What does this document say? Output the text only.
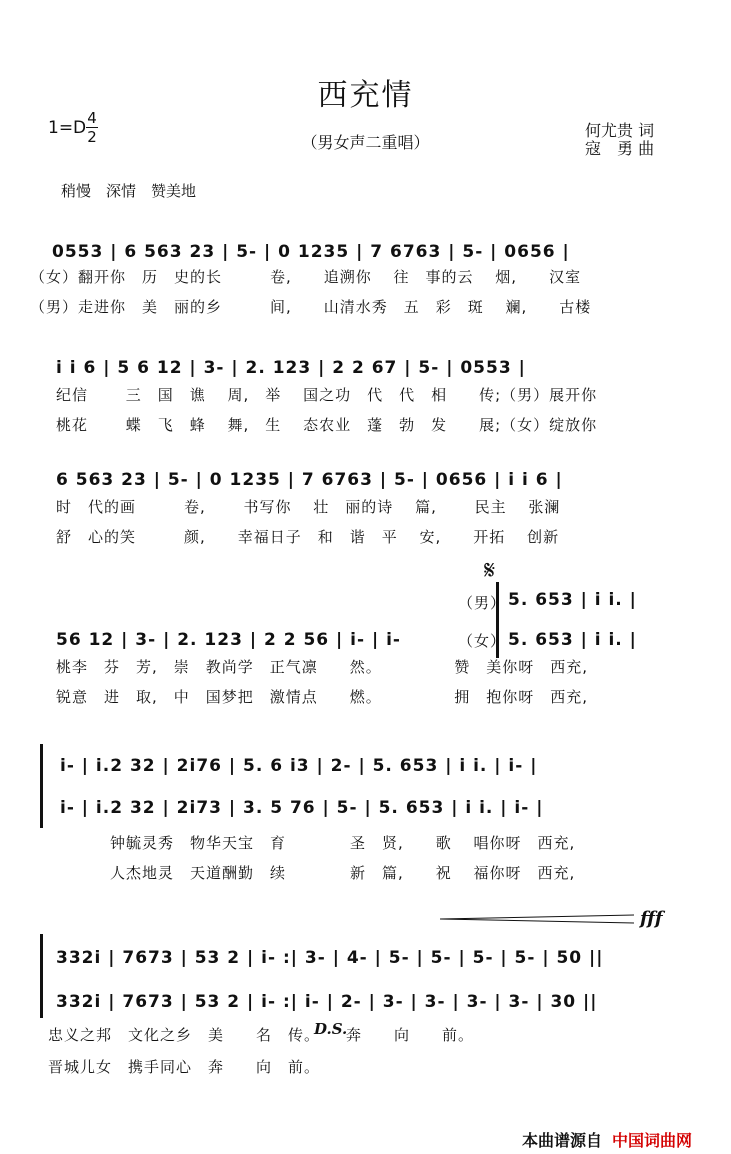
西充情
1=D 4
2	（男女声二重唱）
何尤贵 词
寇　勇 曲
稍慢　深情　赞美地
0553 | 6 563 23 | 5- | 0 1235 | 7 6763 | 5- | 0656 |
（女）翻开你　历　史的长　　　卷,　　追溯你　 往　事的云　 烟,　　汉室
（男）走进你　美　丽的乡　　　间,　　山清水秀　五　彩　斑　 斓,　　古楼
i i 6 | 5 6 12 | 3- | 2. 123 | 2 2 67 | 5- | 0553 |
纪信　　 三　国　谯　 周,　举　 国之功　代　代　相　　传;（男）展开你
桃花　　 蝶　飞　蜂　 舞,　生　 态农业　蓬　勃　发　　展;（女）绽放你
6 563 23 | 5- | 0 1235 | 7 6763 | 5- | 0656 | i i 6 |
时　代的画　　　卷,　　 书写你　 壮　丽的诗　 篇,　　 民主　 张澜
舒　心的笑　　　颜,　　幸福日子　和　谐　平　 安,　　开拓　 创新
𝄋
（男） 5. 653 | i i. |
56 12 | 3- | 2. 123 | 2 2 56 | i- | i-	（女） 5. 653 | i i. |
桃李　芬　芳,　崇　教尚学　正气凛　　然。　　　　　赞　美你呀　西充,
锐意　进　取,　中　国梦把　激情点　　燃。　　　　　拥　抱你呀　西充,
i- | i.2 32 | 2i76 | 5. 6 i3 | 2- | 5. 653 | i i. | i- |
i- | i.2 32 | 2i73 | 3. 5 76 | 5- | 5. 653 | i i. | i- |
钟毓灵秀　物华天宝　育　　　　圣　贤,　　歌　 唱你呀　西充,
人杰地灵　天道酬勤　续　　　　新　篇,　　祝　 福你呀　西充,
fff
332i | 7673 | 53 2 | i- :| 3- | 4- | 5- | 5- | 5- | 5- | 50 ||
332i | 7673 | 53 2 | i- :| i- | 2- | 3- | 3- | 3- | 3- | 30 ||
忠义之邦　文化之乡　美　　名　传。
D.S.
奔　　向　　前。
晋城儿女　携手同心　奔　　向　前。
本曲谱源自 中国词曲网
